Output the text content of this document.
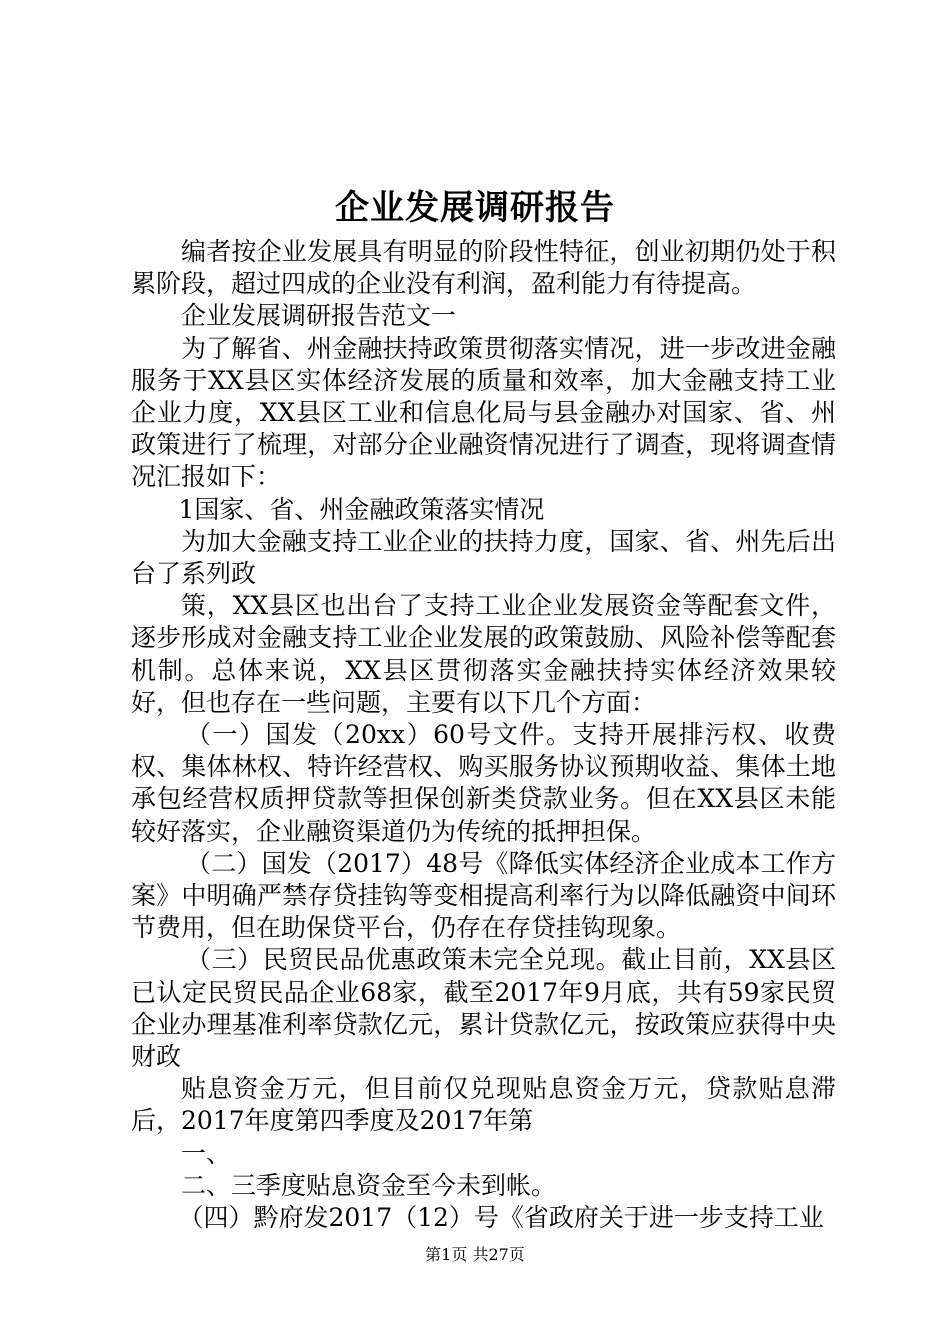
企业发展调研报告

编者按企业发展具有明显的阶段性特征，创业初期仍处于积累阶段，超过四成的企业没有利润，盈利能力有待提高。

企业发展调研报告范文一

为了解省、州金融扶持政策贯彻落实情况，进一步改进金融服务于XX县区实体经济发展的质量和效率，加大金融支持工业企业力度，XX县区工业和信息化局与县金融办对国家、省、州政策进行了梳理，对部分企业融资情况进行了调查，现将调查情况汇报如下：

1国家、省、州金融政策落实情况

为加大金融支持工业企业的扶持力度，国家、省、州先后出台了系列政

策，XX县区也出台了支持工业企业发展资金等配套文件，逐步形成对金融支持工业企业发展的政策鼓励、风险补偿等配套机制。总体来说，XX县区贯彻落实金融扶持实体经济效果较好，但也存在一些问题，主要有以下几个方面：

（一）国发（20xx）60号文件。支持开展排污权、收费权、集体林权、特许经营权、购买服务协议预期收益、集体土地承包经营权质押贷款等担保创新类贷款业务。但在XX县区未能较好落实，企业融资渠道仍为传统的抵押担保。

（二）国发（2017）48号《降低实体经济企业成本工作方案》中明确严禁存贷挂钩等变相提高利率行为以降低融资中间环节费用，但在助保贷平台，仍存在存贷挂钩现象。

（三）民贸民品优惠政策未完全兑现。截止目前，XX县区已认定民贸民品企业68家，截至2017年9月底，共有59家民贸企业办理基准利率贷款亿元，累计贷款亿元，按政策应获得中央财政

贴息资金万元，但目前仅兑现贴息资金万元，贷款贴息滞后，2017年度第四季度及2017年第

一、

二、三季度贴息资金至今未到帐。

（四）黔府发2017（12）号《省政府关于进一步支持工业

第1页 共27页
